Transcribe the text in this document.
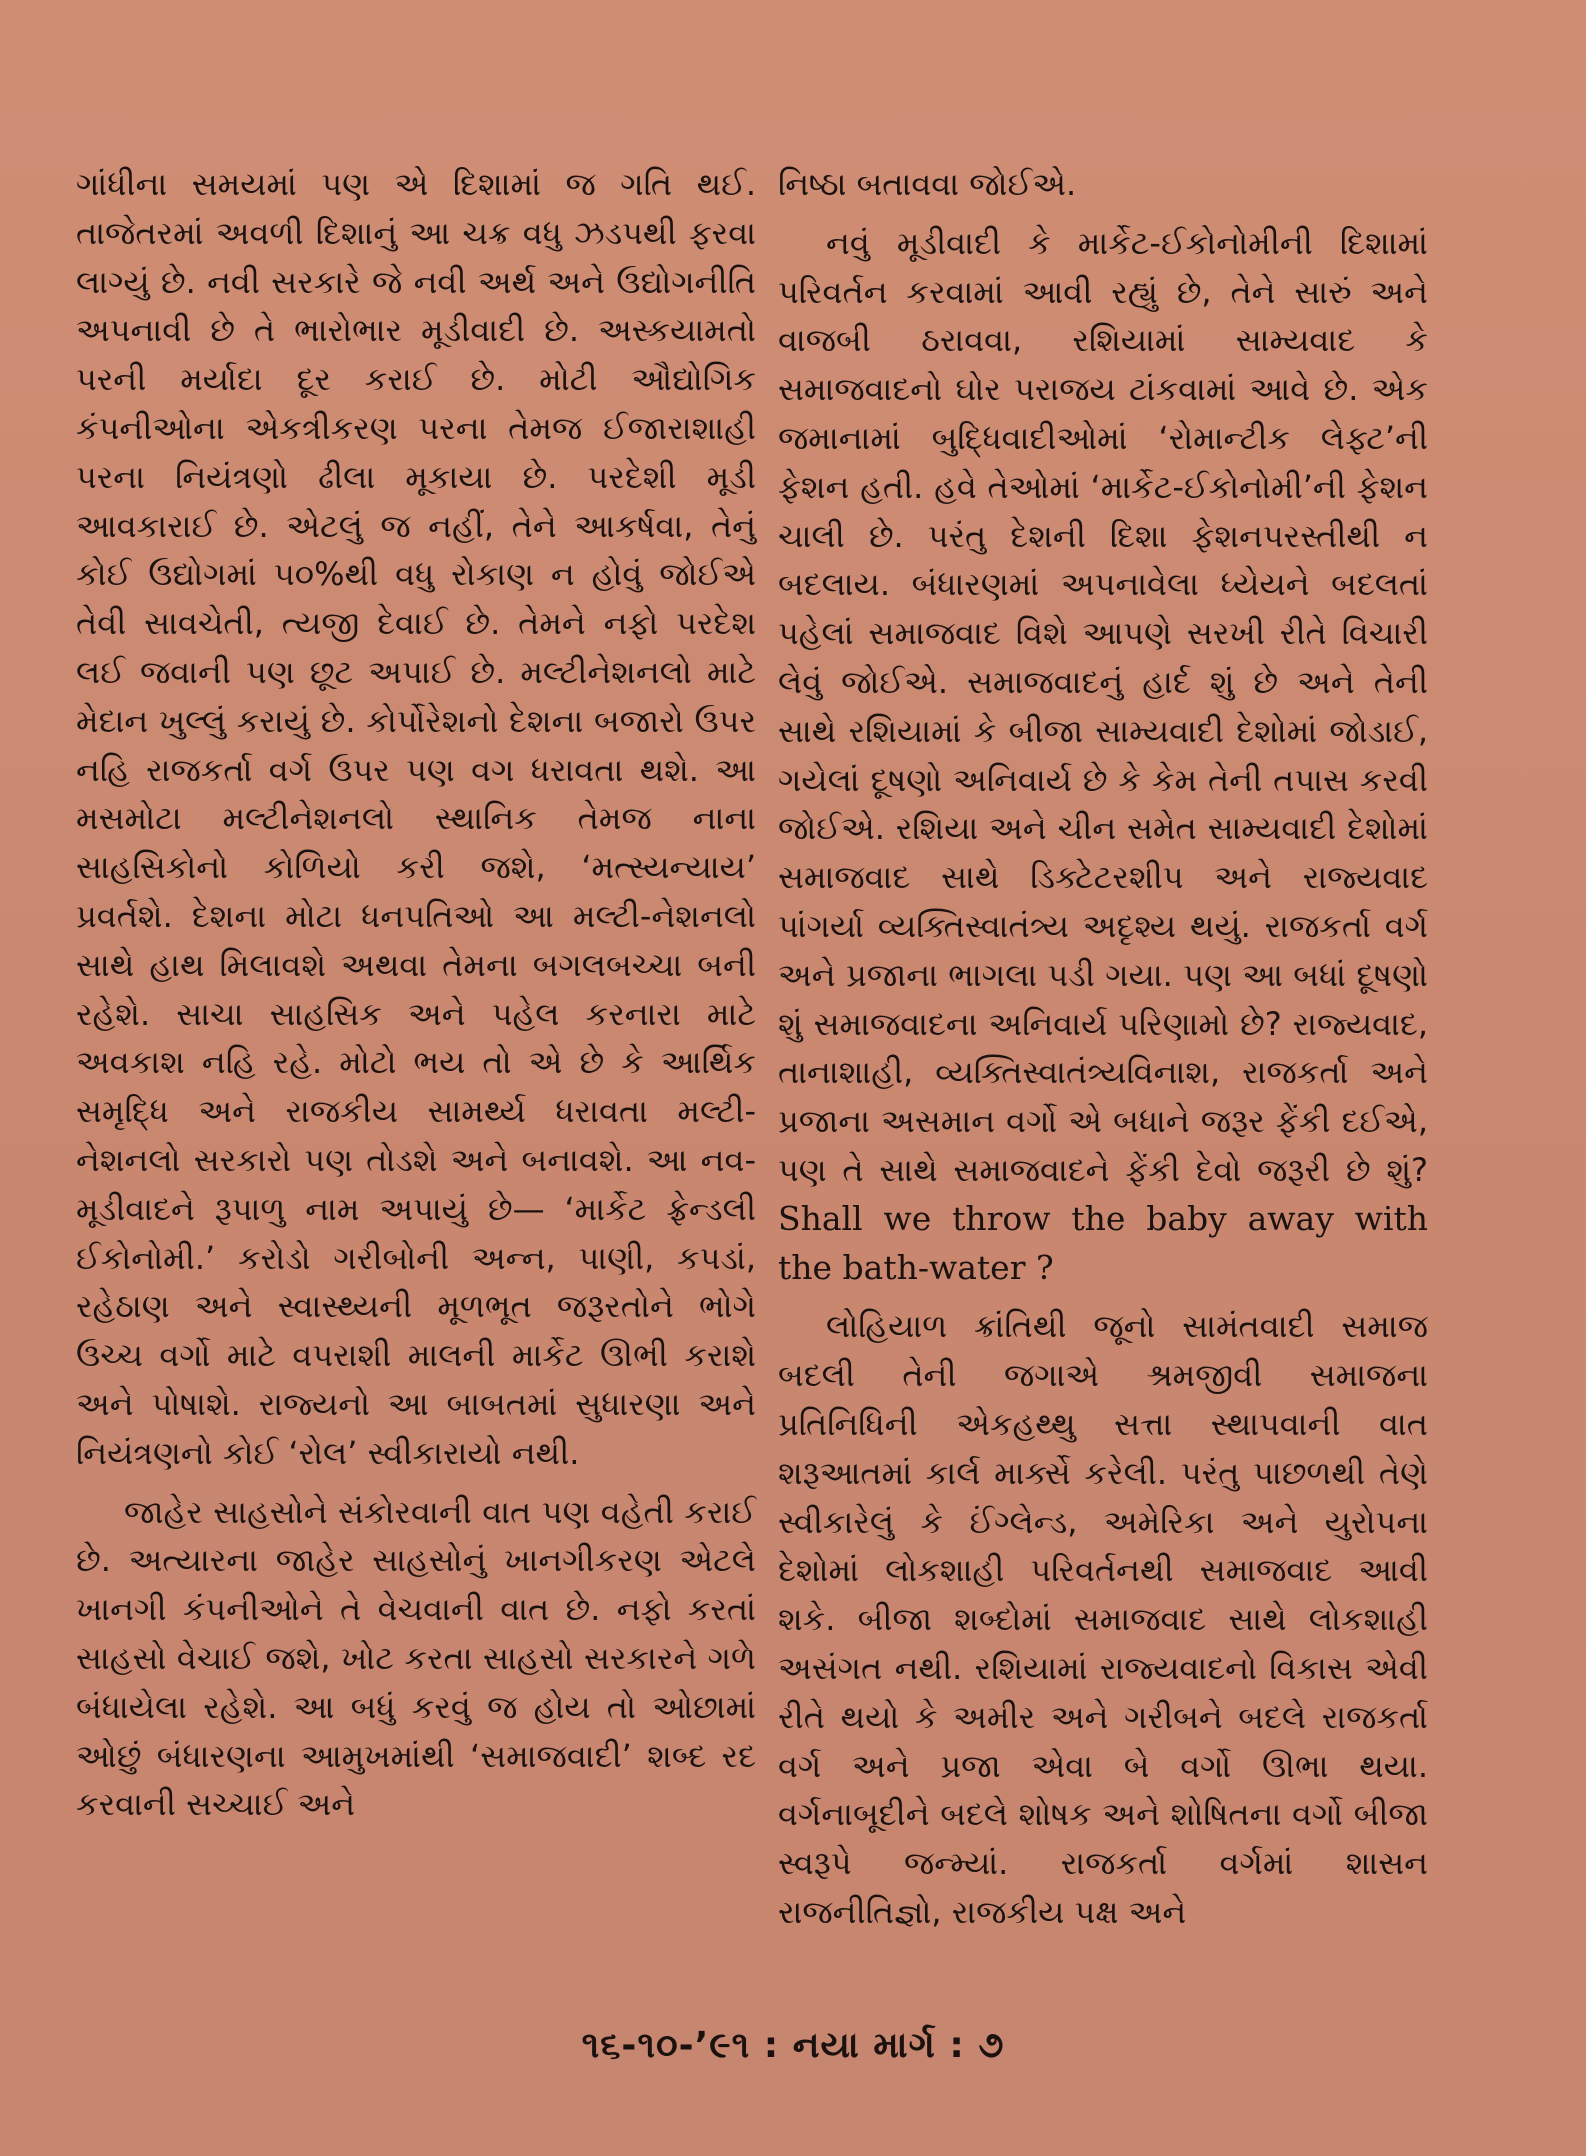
ગાંધીના સમયમાં પણ એ દિશામાં જ ગતિ થઈ. તાજેતરમાં અવળી દિશાનું આ ચક્ર વધુ ઝડપથી ફરવા લાગ્યું છે. નવી સરકારે જે નવી અર્થ અને ઉદ્યોગનીતિ અપનાવી છે તે ભારોભાર મૂડીવાદી છે. અસ્કયામતો પરની મર્યાદા દૂર કરાઈ છે. મોટી ઔદ્યોગિક કંપનીઓના એકત્રીકરણ પરના તેમજ ઈજારાશાહી પરના નિયંત્રણો ઢીલા મૂકાયા છે. પરદેશી મૂડી આવકારાઈ છે. એટલું જ નહીં, તેને આકર્ષવા, તેનું કોઈ ઉદ્યોગમાં ૫૦%થી વધુ રોકાણ ન હોવું જોઈએ તેવી સાવચેતી, ત્યજી દેવાઈ છે. તેમને નફો પરદેશ લઈ જવાની પણ છૂટ અપાઈ છે. મલ્ટીનેશનલો માટે મેદાન ખુલ્લું કરાયું છે. કોર્પોરેશનો દેશના બજારો ઉપર નહિ રાજકર્તા વર્ગ ઉપર પણ વગ ધરાવતા થશે. આ મસમોટા મલ્ટીનેશનલો સ્થાનિક તેમજ નાના સાહસિકોનો કોળિયો કરી જશે, ‘મત્સ્યન્યાય’ પ્રવર્તશે. દેશના મોટા ધનપતિઓ આ મલ્ટી-નેશનલો સાથે હાથ મિલાવશે અથવા તેમના બગલબચ્ચા બની રહેશે. સાચા સાહસિક અને પહેલ કરનારા માટે અવકાશ નહિ રહે. મોટો ભય તો એ છે કે આર્થિક સમૃદ્ધિ અને રાજકીય સામર્થ્ય ધરાવતા મલ્ટી-નેશનલો સરકારો પણ તોડશે અને બનાવશે. આ નવ-મૂડીવાદને રૂપાળુ નામ અપાયું છે— ‘માર્કેટ ફ્રેન્ડલી ઈકોનોમી.’ કરોડો ગરીબોની અન્ન, પાણી, કપડાં, રહેઠાણ અને સ્વાસ્થ્યની મૂળભૂત જરૂરતોને ભોગે ઉચ્ચ વર્ગો માટે વપરાશી માલની માર્કેટ ઊભી કરાશે અને પોષાશે. રાજ્યનો આ બાબતમાં સુધારણા અને નિયંત્રણનો કોઈ ‘રોલ’ સ્વીકારાયો નથી.

જાહેર સાહસોને સંકોરવાની વાત પણ વહેતી કરાઈ છે. અત્યારના જાહેર સાહસોનું ખાનગીકરણ એટલે ખાનગી કંપનીઓને તે વેચવાની વાત છે. નફો કરતાં સાહસો વેચાઈ જશે, ખોટ કરતા સાહસો સરકારને ગળે બંધાયેલા રહેશે. આ બધું કરવું જ હોય તો ઓછામાં ઓછું બંધારણના આમુખમાંથી ‘સમાજવાદી’ શબ્દ રદ કરવાની સચ્ચાઈ અને

નિષ્ઠા બતાવવા જોઈએ.

નવું મૂડીવાદી કે માર્કેટ-ઈકોનોમીની દિશામાં પરિવર્તન કરવામાં આવી રહ્યું છે, તેને સારું અને વાજબી ઠરાવવા, રશિયામાં સામ્યવાદ કે સમાજવાદનો ઘોર પરાજય ટાંકવામાં આવે છે. એક જમાનામાં બુદ્ધિવાદીઓમાં ‘રોમાન્ટીક લેફ્ટ’ની ફેશન હતી. હવે તેઓમાં ‘માર્કેટ-ઈકોનોમી’ની ફેશન ચાલી છે. પરંતુ દેશની દિશા ફેશનપરસ્તીથી ન બદલાય. બંધારણમાં અપનાવેલા ધ્યેયને બદલતાં પહેલાં સમાજવાદ વિશે આપણે સરખી રીતે વિચારી લેવું જોઈએ. સમાજવાદનું હાર્દ શું છે અને તેની સાથે રશિયામાં કે બીજા સામ્યવાદી દેશોમાં જોડાઈ, ગયેલાં દૂષણો અનિવાર્ય છે કે કેમ તેની તપાસ કરવી જોઈએ. રશિયા અને ચીન સમેત સામ્યવાદી દેશોમાં સમાજવાદ સાથે ડિક્ટેટરશીપ અને રાજ્યવાદ પાંગર્યા વ્યક્તિસ્વાતંત્ર્ય અદૃશ્ય થયું. રાજકર્તા વર્ગ અને પ્રજાના ભાગલા પડી ગયા. પણ આ બધાં દૂષણો શું સમાજવાદના અનિવાર્ય પરિણામો છે? રાજ્યવાદ, તાનાશાહી, વ્યક્તિસ્વાતંત્ર્યવિનાશ, રાજકર્તા અને પ્રજાના અસમાન વર્ગો એ બધાને જરૂર ફેંકી દઈએ, પણ તે સાથે સમાજવાદને ફેંકી દેવો જરૂરી છે શું? Shall we throw the baby away with the bath-water ?

લોહિયાળ ક્રાંતિથી જૂનો સામંતવાદી સમાજ બદલી તેની જગાએ શ્રમજીવી સમાજના પ્રતિનિધિની એકહથ્થુ સત્તા સ્થાપવાની વાત શરૂઆતમાં કાર્લ માર્ક્સે કરેલી. પરંતુ પાછળથી તેણે સ્વીકારેલું કે ઈંગ્લેન્ડ, અમેરિકા અને યુરોપના દેશોમાં લોકશાહી પરિવર્તનથી સમાજવાદ આવી શકે. બીજા શબ્દોમાં સમાજવાદ સાથે લોકશાહી અસંગત નથી. રશિયામાં રાજ્યવાદનો વિકાસ એવી રીતે થયો કે અમીર અને ગરીબને બદલે રાજકર્તા વર્ગ અને પ્રજા એવા બે વર્ગો ઊભા થયા. વર્ગનાબૂદીને બદલે શોષક અને શોષિતના વર્ગો બીજા સ્વરૂપે જન્મ્યાં. રાજકર્તા વર્ગમાં શાસન રાજનીતિજ્ઞો, રાજકીય પક્ષ અને

૧૬-૧૦-’૯૧ : નયા માર્ગ : ૭
